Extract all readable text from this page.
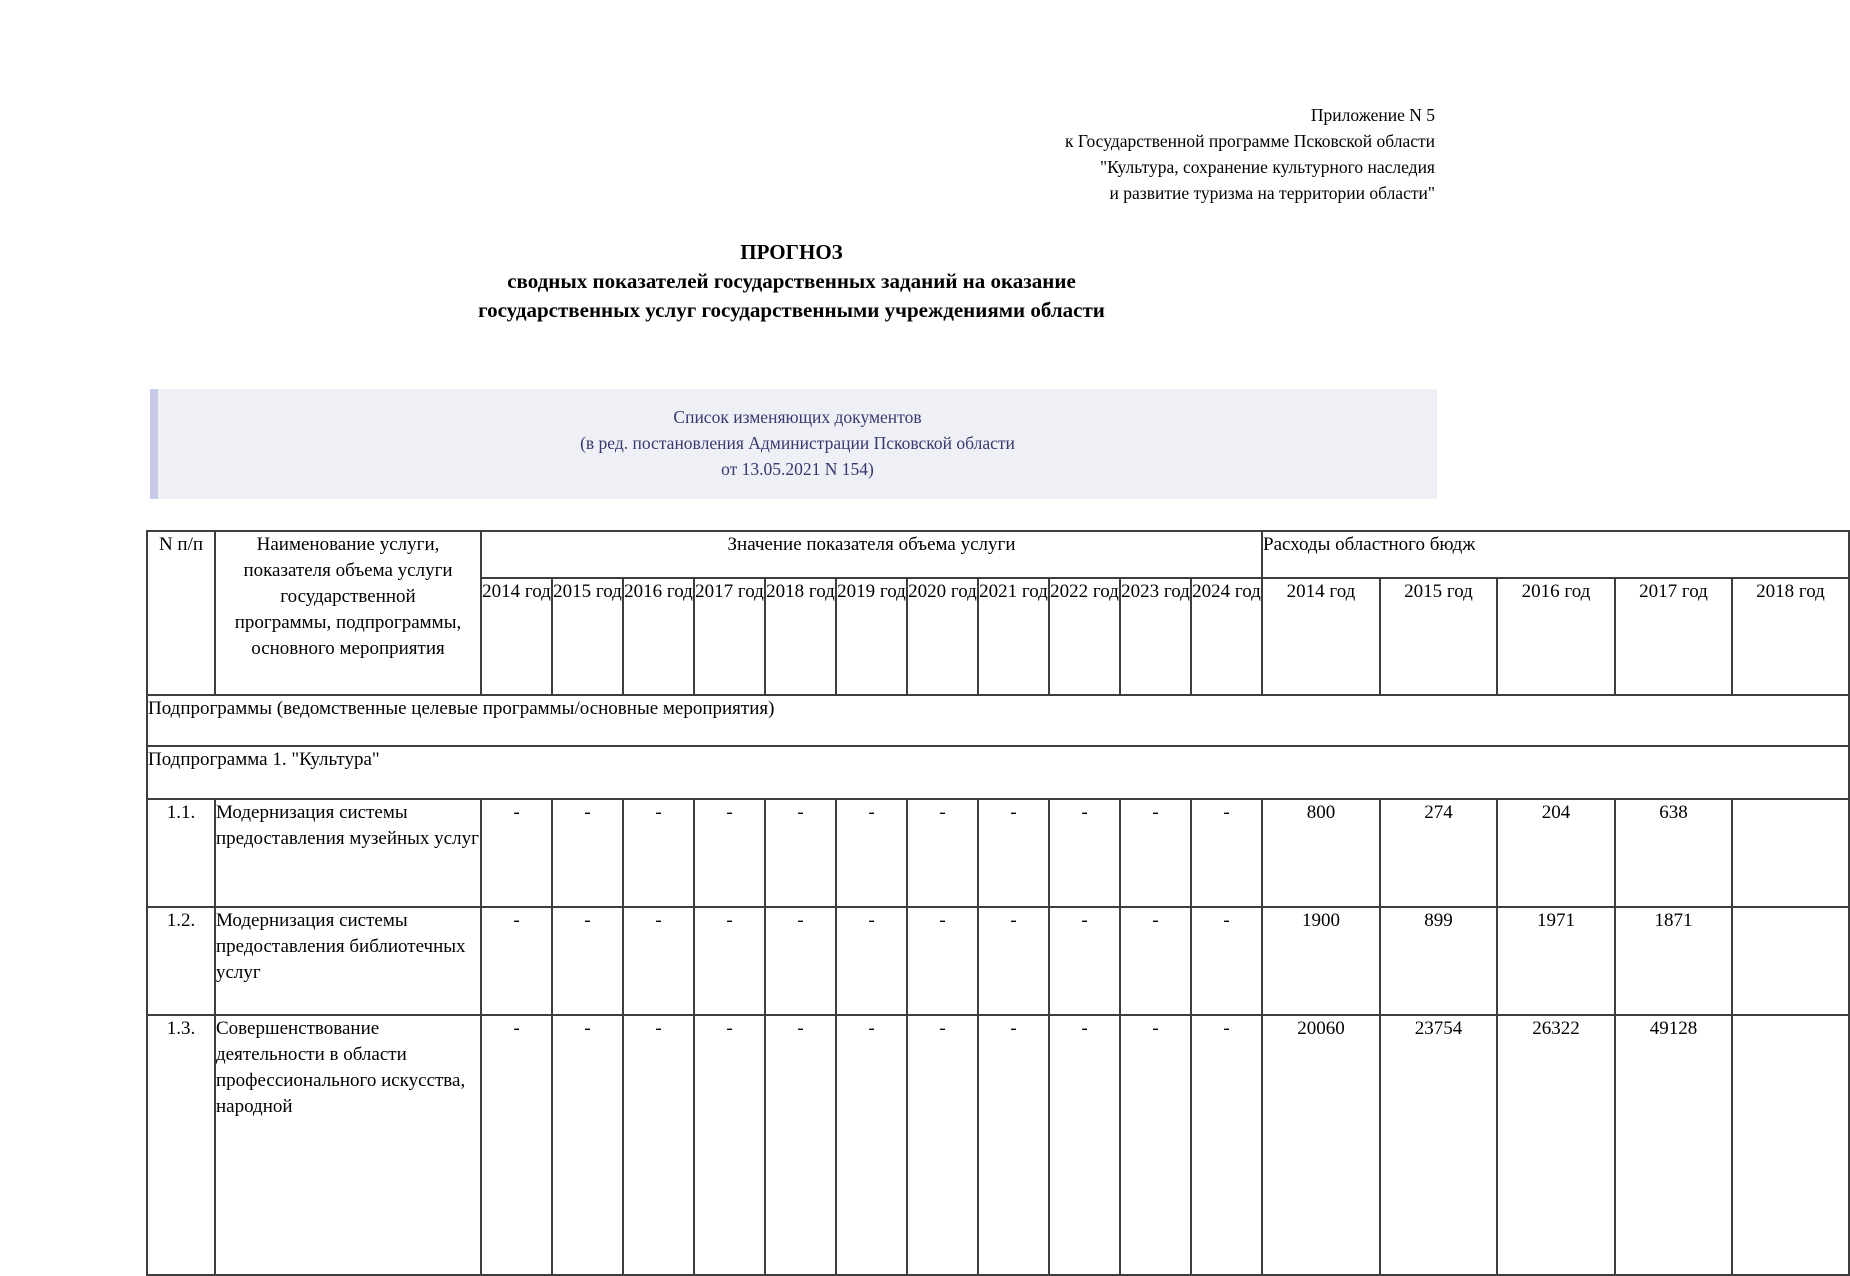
Приложение N 5
к Государственной программе Псковской области
"Культура, сохранение культурного наследия
и развитие туризма на территории области"
ПРОГНОЗ
сводных показателей государственных заданий на оказание
государственных услуг государственными учреждениями области
Список изменяющих документов
(в ред. постановления Администрации Псковской области
от 13.05.2021 N 154)
N п/п	Наименование услуги,
показателя объема услуги
государственной
программы, подпрограммы,
основного мероприятия	Значение показателя объема услуги											Расходы областного бюдж				
		2014 год	2015 год	2016 год	2017 год	2018 год	2019 год	2020 год	2021 год	2022 год	2023 год	2024 год	2014 год	2015 год	2016 год	2017 год	2018 год
Подпрограммы (ведомственные целевые программы/основные мероприятия)																	
Подпрограмма 1. "Культура"																	
1.1.	Модернизация системы предоставления музейных услуг	-	-	-	-	-	-	-	-	-	-	-	800	274	204	638	
1.2.	Модернизация системы предоставления библиотечных услуг	-	-	-	-	-	-	-	-	-	-	-	1900	899	1971	1871	
1.3.	Совершенствование деятельности в области профессионального искусства, народной	-	-	-	-	-	-	-	-	-	-	-	20060	23754	26322	49128	
